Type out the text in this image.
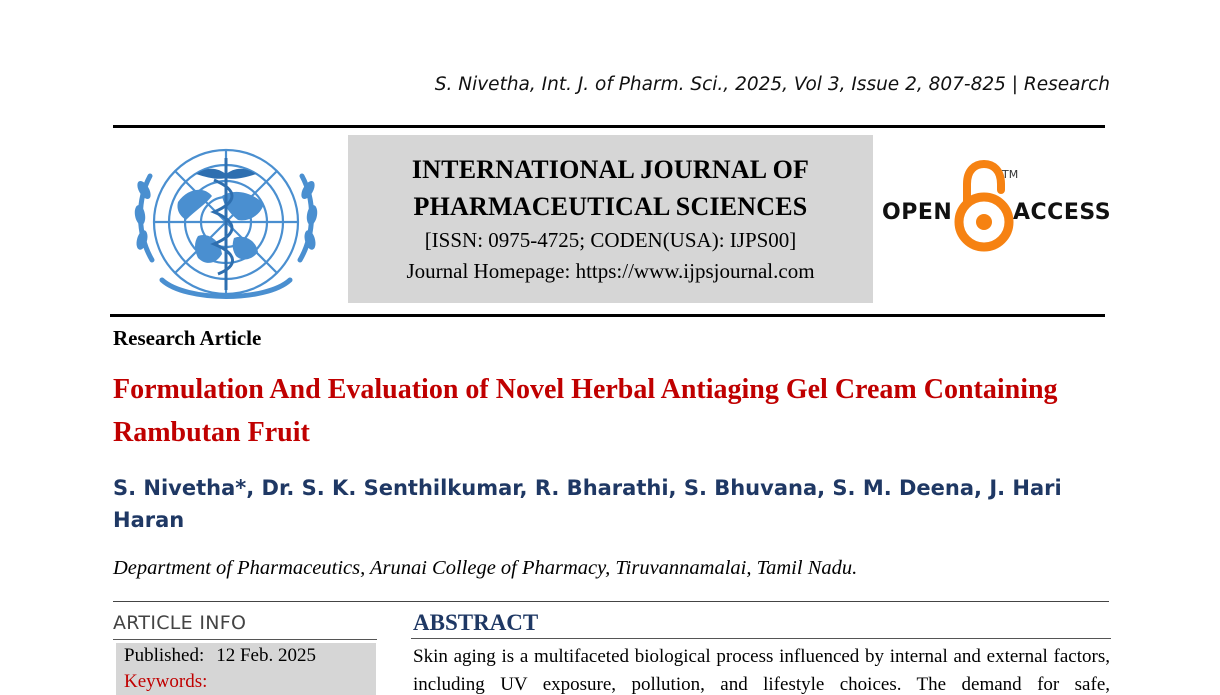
S. Nivetha, Int. J. of Pharm. Sci., 2025, Vol 3, Issue 2, 807-825 | Research
INTERNATIONAL JOURNAL OF
PHARMACEUTICAL SCIENCES
[ISSN: 0975-4725; CODEN(USA): IJPS00]
Journal Homepage: https://www.ijpsjournal.com
OPEN
TM
ACCESS
Research Article
Formulation And Evaluation of Novel Herbal Antiaging Gel Cream Containing Rambutan Fruit
S. Nivetha*, Dr. S. K. Senthilkumar, R. Bharathi, S. Bhuvana, S. M. Deena, J. Hari Haran
Department of Pharmaceutics, Arunai College of Pharmacy, Tiruvannamalai, Tamil Nadu.
ARTICLE INFO
Published: 12 Feb. 2025
Keywords:
ABSTRACT
Skin aging is a multifaceted biological process influenced by internal and external factors, including UV exposure, pollution, and lifestyle choices. The demand for safe,
